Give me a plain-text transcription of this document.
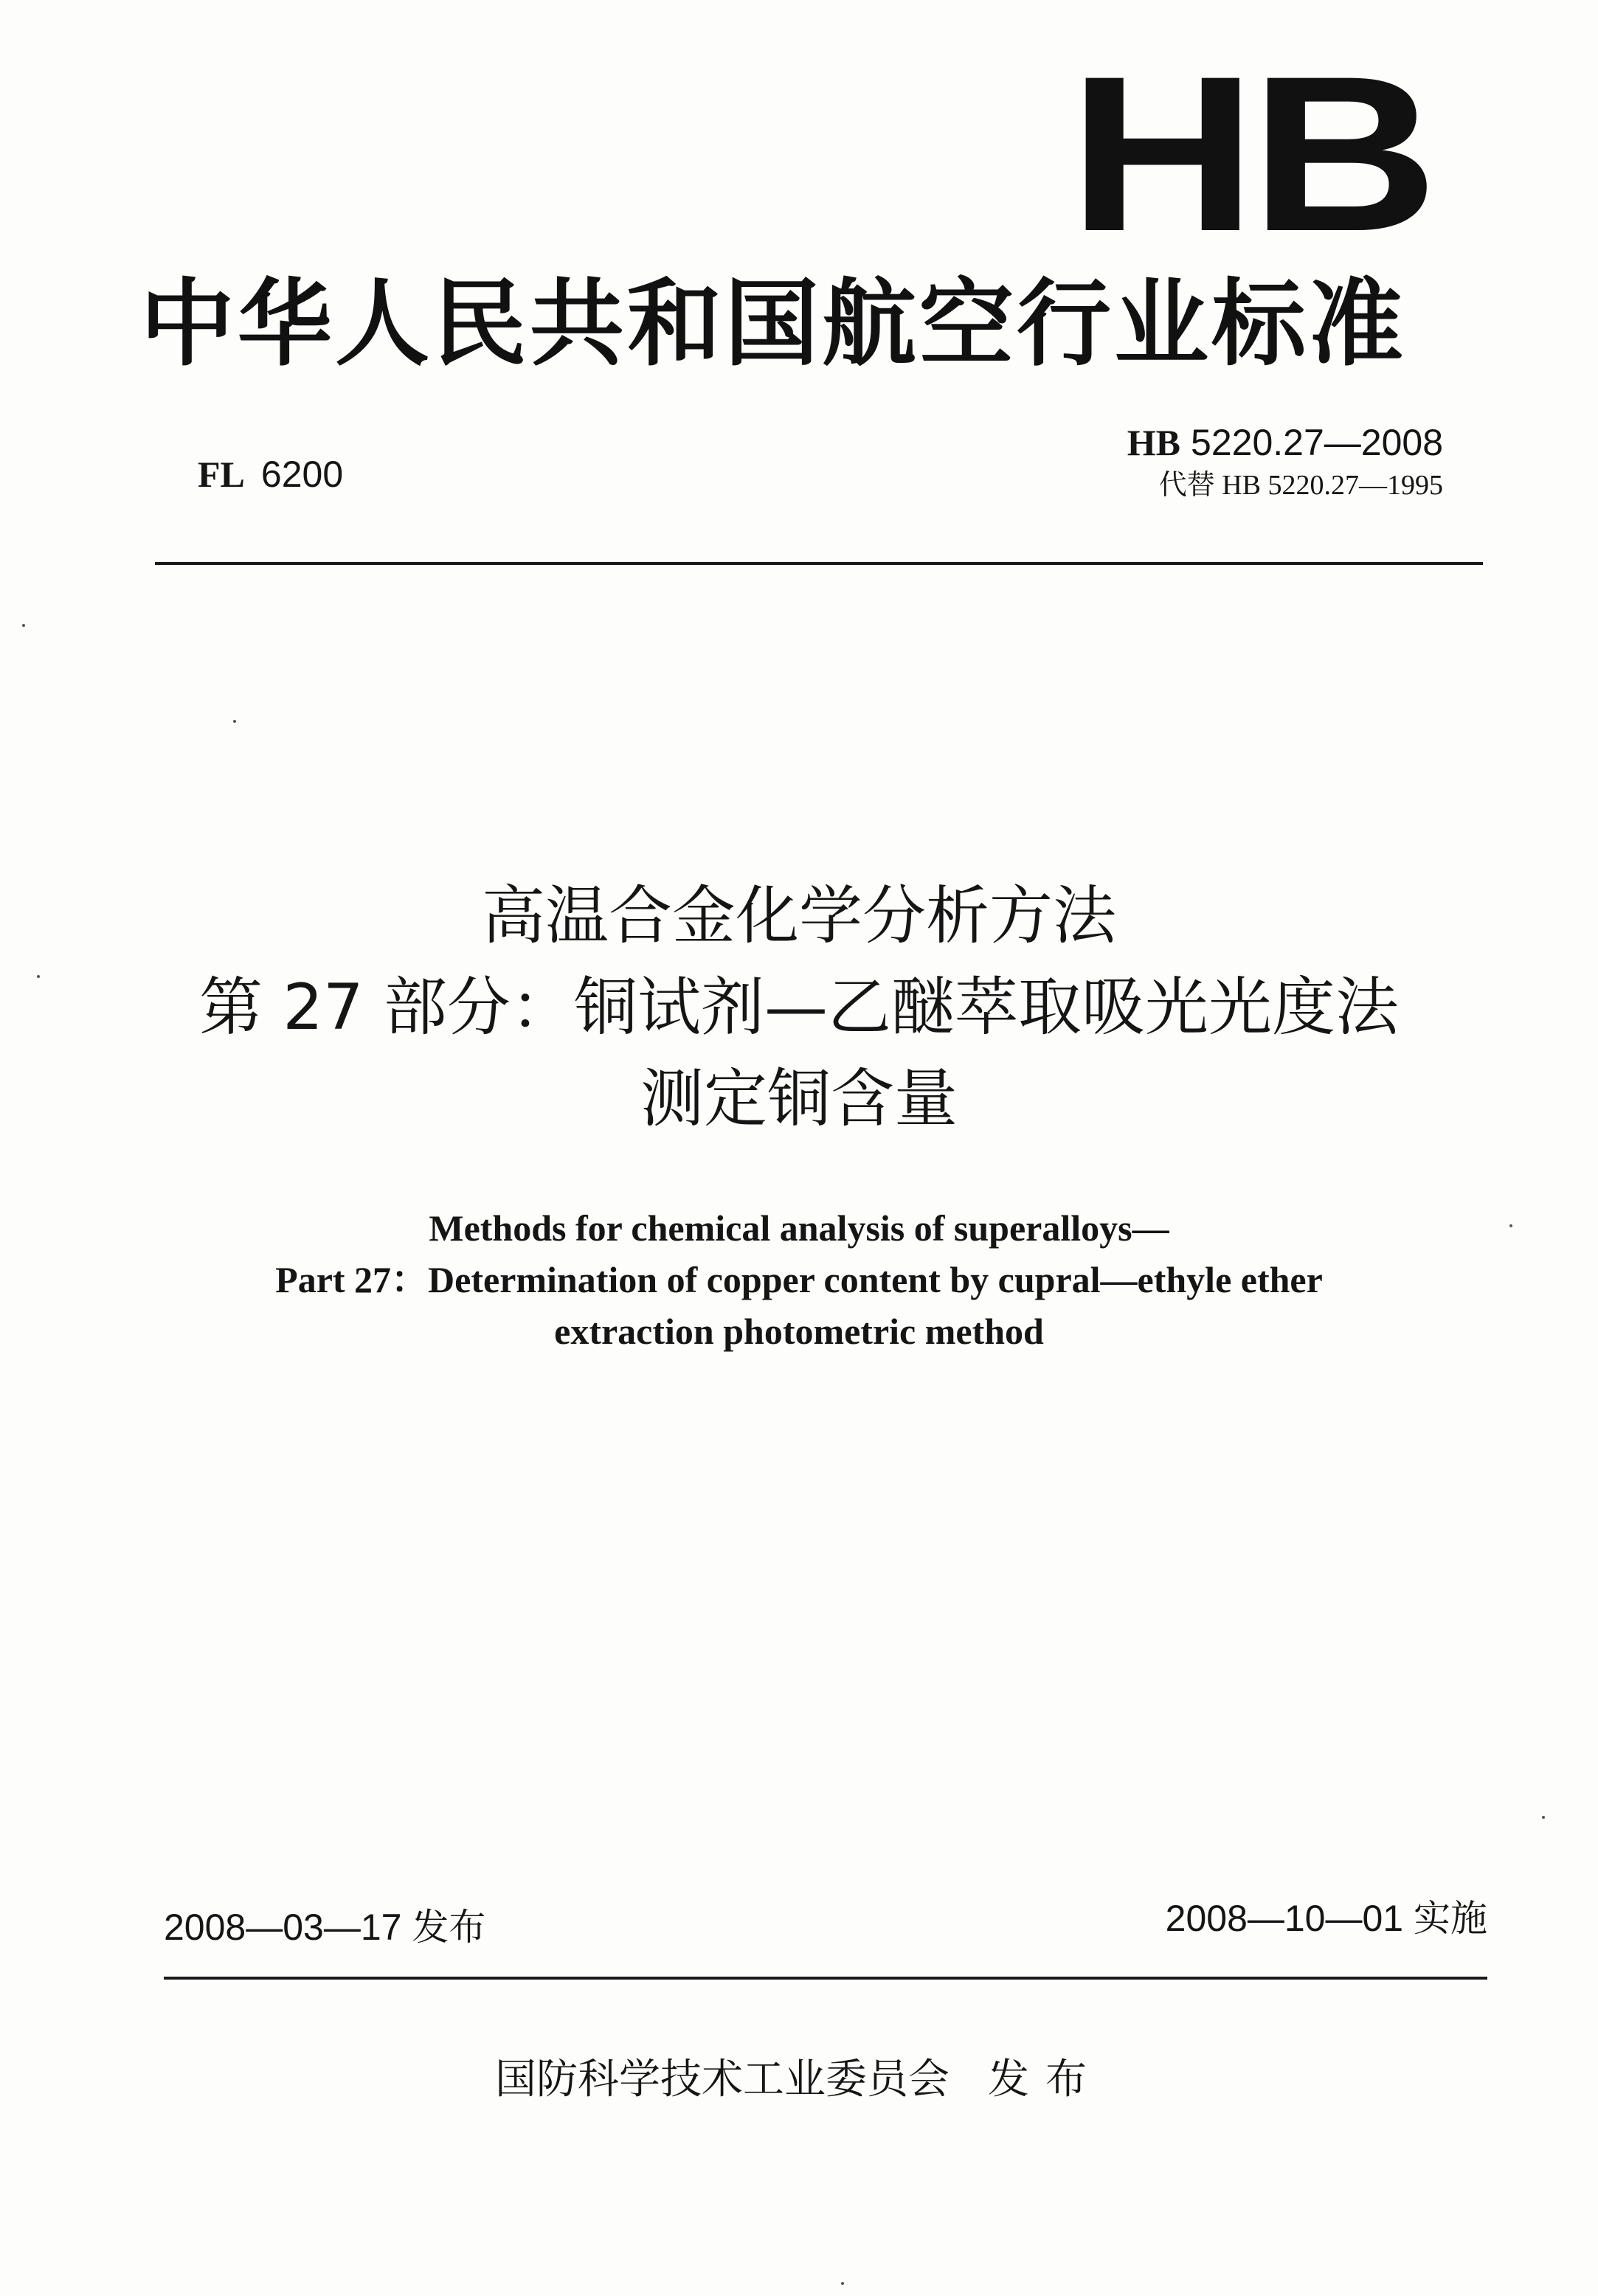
HB
中华人民共和国航空行业标准
FL 6200
HB 5220.27—2008
代替 HB 5220.27—1995
高温合金化学分析方法
第 27 部分：铜试剂—乙醚萃取吸光光度法
测定铜含量
Methods for chemical analysis of superalloys—
Part 27：Determination of copper content by cupral—ethyle ether
extraction photometric method
2008—03—17 发布	2008—10—01 实施
国防科学技术工业委员会 发布
